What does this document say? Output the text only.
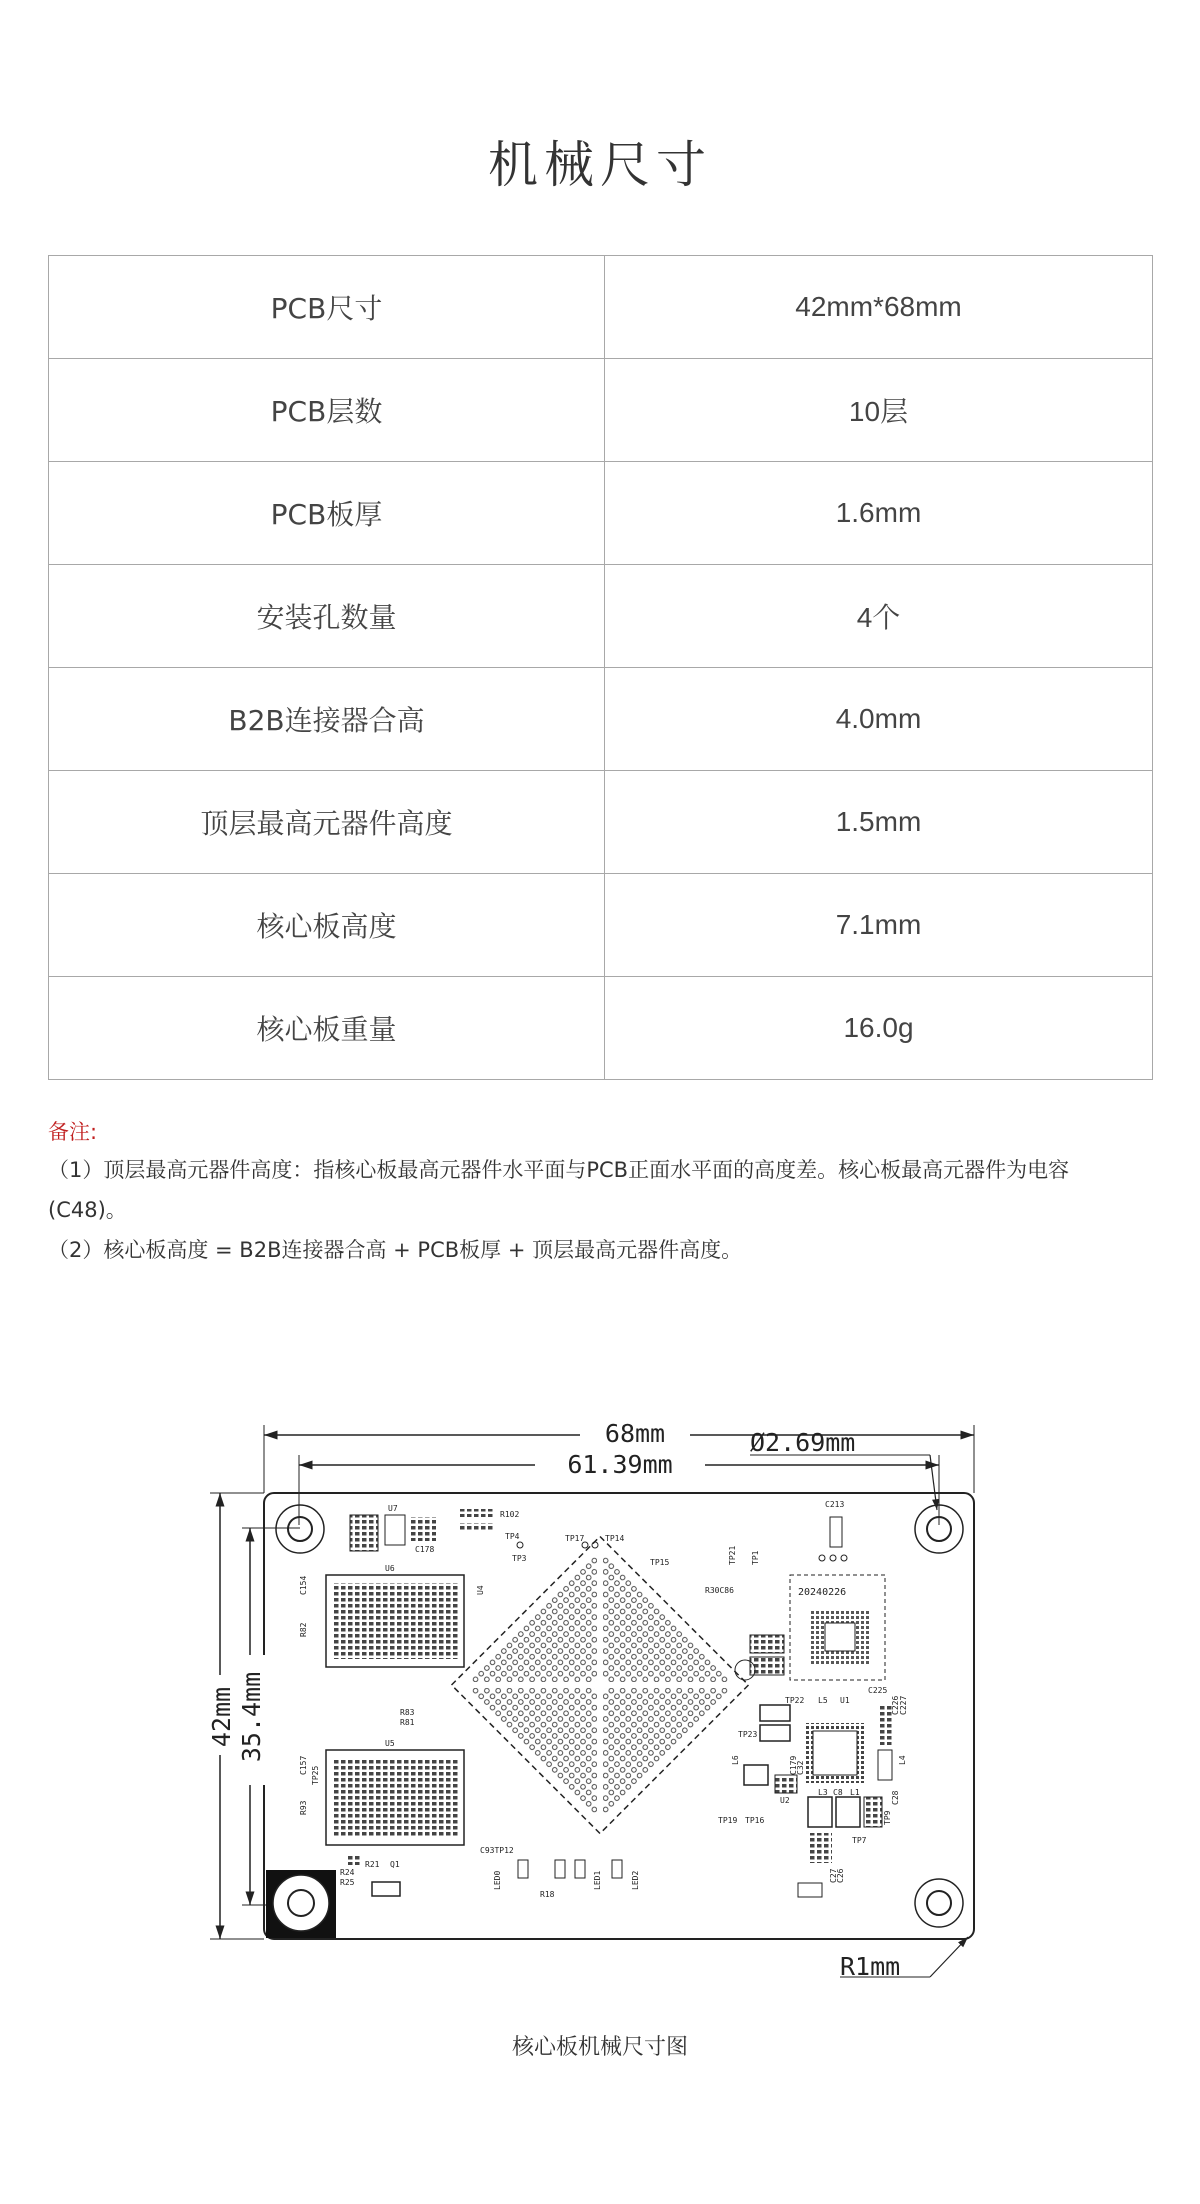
机械尺寸
PCB尺寸	42mm*68mm
PCB层数	10层
PCB板厚	1.6mm
安装孔数量	4个
B2B连接器合高	4.0mm
顶层最高元器件高度	1.5mm
核心板高度	7.1mm
核心板重量	16.0g
备注:
（1）顶层最高元器件高度：指核心板最高元器件水平面与PCB正面水平面的高度差。核心板最高元器件为电容
(C48)。
（2）核心板高度 = B2B连接器合高 + PCB板厚 + 顶层最高元器件高度。
68mm
61.39mm
Ø2.69mm
42mm 35.4mm
R1mm
U7
R102
C178
U6
C154
R82
U5
C157
TP25
R93
R83
R81
U4
TP4
TP3
TP17	TP14
TP15	TP21 TP1
R30C86
C213
20240226
TP22 L5 U1
C225
L4
C226 C227
C28
L6
TP23
C179
C32
U2
TP19 TP16
L3 C8 L1
TP9
TP7
C26
C27
C93TP12
LED0
R18
LED1	LED2
R24
R25
R21 Q1
核心板机械尺寸图
